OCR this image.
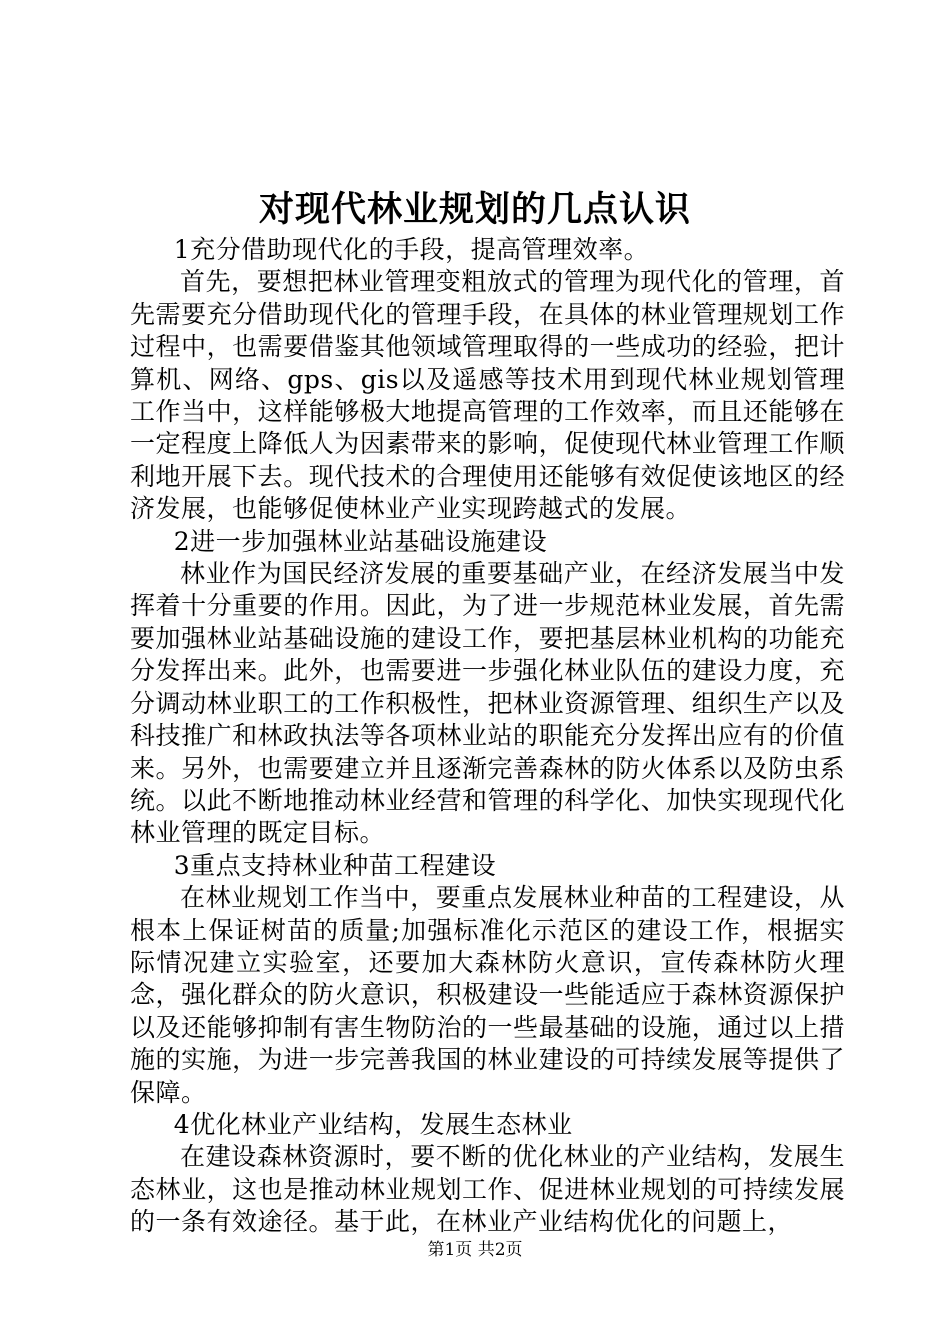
对现代林业规划的几点认识

1充分借助现代化的手段，提高管理效率。

首先，要想把林业管理变粗放式的管理为现代化的管理，首先需要充分借助现代化的管理手段，在具体的林业管理规划工作过程中，也需要借鉴其他领域管理取得的一些成功的经验，把计算机、网络、gps、gis以及遥感等技术用到现代林业规划管理工作当中，这样能够极大地提高管理的工作效率，而且还能够在一定程度上降低人为因素带来的影响，促使现代林业管理工作顺利地开展下去。现代技术的合理使用还能够有效促使该地区的经济发展，也能够促使林业产业实现跨越式的发展。

2进一步加强林业站基础设施建设

林业作为国民经济发展的重要基础产业，在经济发展当中发挥着十分重要的作用。因此，为了进一步规范林业发展，首先需要加强林业站基础设施的建设工作，要把基层林业机构的功能充分发挥出来。此外，也需要进一步强化林业队伍的建设力度，充分调动林业职工的工作积极性，把林业资源管理、组织生产以及科技推广和林政执法等各项林业站的职能充分发挥出应有的价值来。另外，也需要建立并且逐渐完善森林的防火体系以及防虫系统。以此不断地推动林业经营和管理的科学化、加快实现现代化林业管理的既定目标。

3重点支持林业种苗工程建设

在林业规划工作当中，要重点发展林业种苗的工程建设，从根本上保证树苗的质量;加强标准化示范区的建设工作，根据实际情况建立实验室，还要加大森林防火意识，宣传森林防火理念，强化群众的防火意识，积极建设一些能适应于森林资源保护以及还能够抑制有害生物防治的一些最基础的设施，通过以上措施的实施，为进一步完善我国的林业建设的可持续发展等提供了保障。

4优化林业产业结构，发展生态林业

在建设森林资源时，要不断的优化林业的产业结构，发展生态林业，这也是推动林业规划工作、促进林业规划的可持续发展的一条有效途径。基于此，在林业产业结构优化的问题上，

第1页 共2页
